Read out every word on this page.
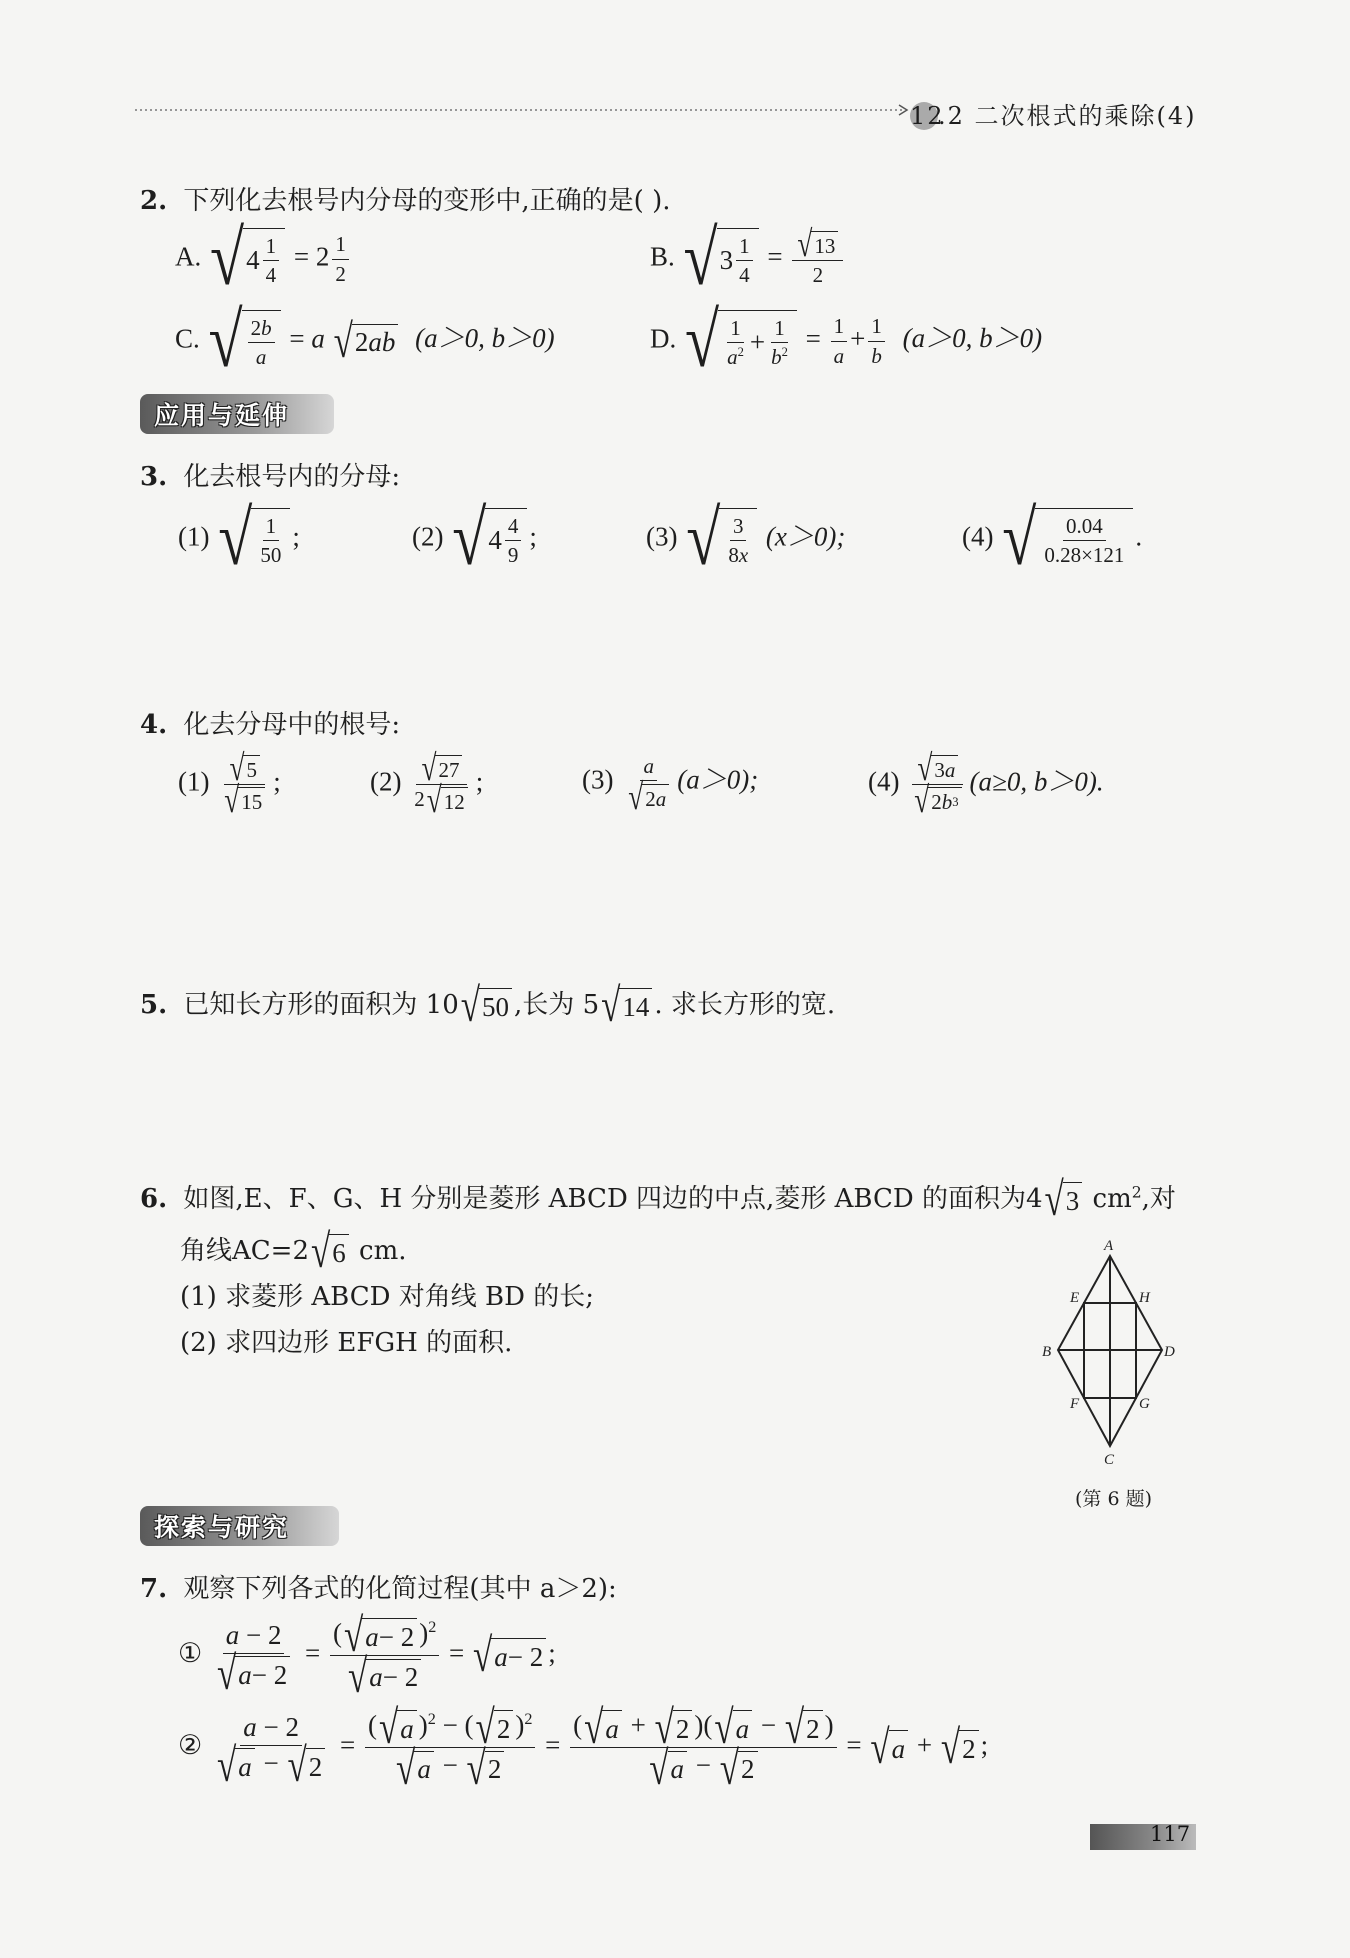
12.2 二次根式的乘除(4)
2. 下列化去根号内分母的变形中,正确的是( ).
A. √ 4 1
4
= $2 \frac{1}{2}$	B. √ 3 1
4
= $\frac{√ 13}{2}$
C. √ 2b
a
= a √ 2 ab (a＞0, b＞0)	D. √ 1
$a^2 + 1$
$b^2 = \frac{1}{a} + \frac{1}{b} (a>0$, b＞0)
应用与延伸
3. 化去根号内的分母:
(1) √ 1
50
;	(2) √ 4 4
9
;	(3) √ 3
8x
(x＞0);	(4) √ $\frac{0.04}{0.28\times 121}$ .
4. 化去分母中的根号:
$(1) \frac{√ 5}{√ 15}$ ;	$(2) \frac{√ 27}{2 √ 12}$ ;	$(3) \frac{a}{√ 2 a} (a>0)$;	$(4) \frac{√ 3 a}{√ 2 b 3} (a\ge 0$, b＞0).
5. 已知长方形的面积为 10 √ 50 ,长为 5 √ 14 . 求长方形的宽.
6. 如图,E、F、G、H 分别是菱形 ABCD 四边的中点,菱形 ABCD 的面积为4 √ 3 $cm^2$,对
角线AC=2 √ 6 cm.
(1) 求菱形 ABCD 对角线 BD 的长;
(2) 求四边形 EFGH 的面积.
A
B
C
D
E
F	G
H
(第 6 题)
探索与研究
7. 观察下列各式的化简过程(其中 a＞2):
① $\frac{a - 2}{√ a - 2} = \frac{( √ a - 2 )^2}{√ a - 2}$ = √ a − 2 ;
② $\frac{a - 2}{√ a - √ 2} = \frac{( √ a )^2 - ( √ 2 )^2}{√ a - √ 2} = \frac{( √ a + √ 2 )( √ a - √ 2 )}{√ a - √ 2}$ = √ a + √ 2 ;
117
